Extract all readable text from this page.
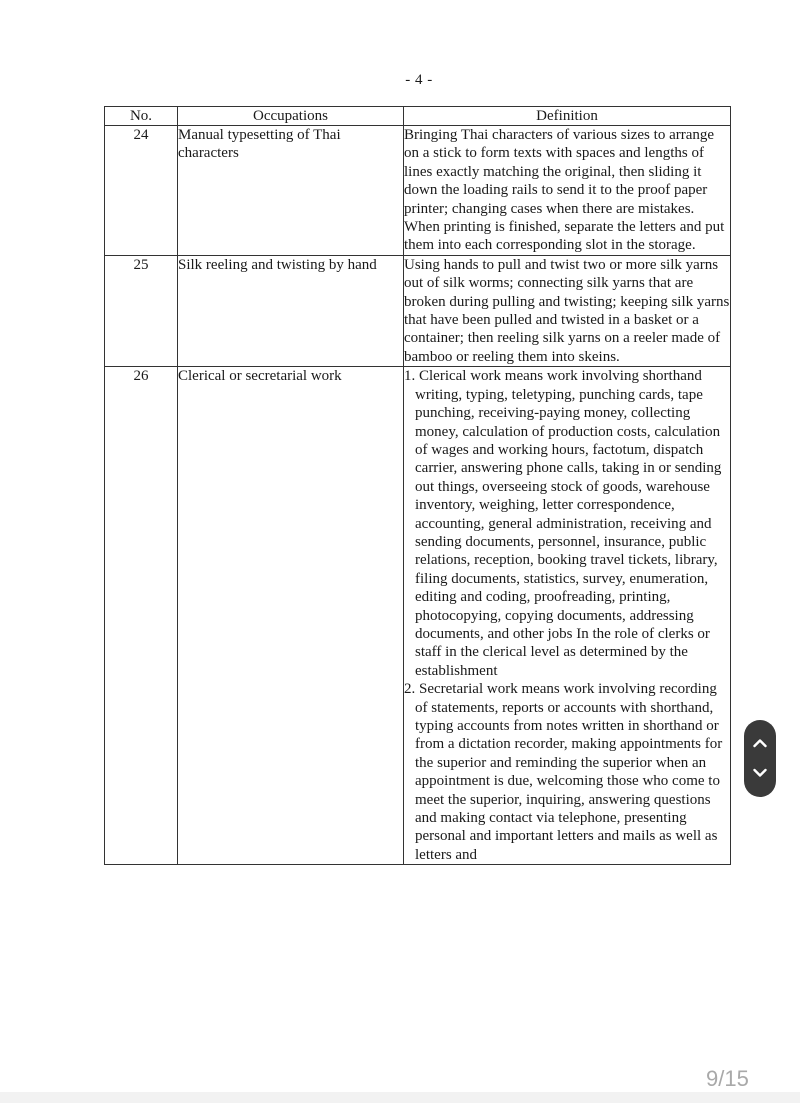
- 4 -
No.	Occupations	Definition
24	Manual typesetting of Thai characters	Bringing Thai characters of various sizes to arrange on a stick to form texts with spaces and lengths of lines exactly matching the original, then sliding it down the loading rails to send it to the proof paper printer; changing cases when there are mistakes. When printing is finished, separate the letters and put them into each corresponding slot in the storage.
25	Silk reeling and twisting by hand	Using hands to pull and twist two or more silk yarns out of silk worms; connecting silk yarns that are broken during pulling and twisting; keeping silk yarns that have been pulled and twisted in a basket or a container; then reeling silk yarns on a reeler made of bamboo or reeling them into skeins.
26	Clerical or secretarial work	1. Clerical work means work involving shorthand writing, typing, teletyping, punching cards, tape punching, receiving-paying money, collecting money, calculation of production costs, calculation of wages and working hours, factotum, dispatch carrier, answering phone calls, taking in or sending out things, overseeing stock of goods, warehouse inventory, weighing, letter correspondence, accounting, general administration, receiving and sending documents, personnel, insurance, public relations, reception, booking travel tickets, library, filing documents, statistics, survey, enumeration, editing and coding, proofreading, printing, photocopying, copying documents, addressing documents, and other jobs In the role of clerks or staff in the clerical level as determined by the establishment
2. Secretarial work means work involving recording of statements, reports or accounts with shorthand, typing accounts from notes written in shorthand or from a dictation recorder, making appointments for the superior and reminding the superior when an appointment is due, welcoming those who come to meet the superior, inquiring, answering questions and making contact via telephone, presenting personal and important letters and mails as well as letters and
9/15
